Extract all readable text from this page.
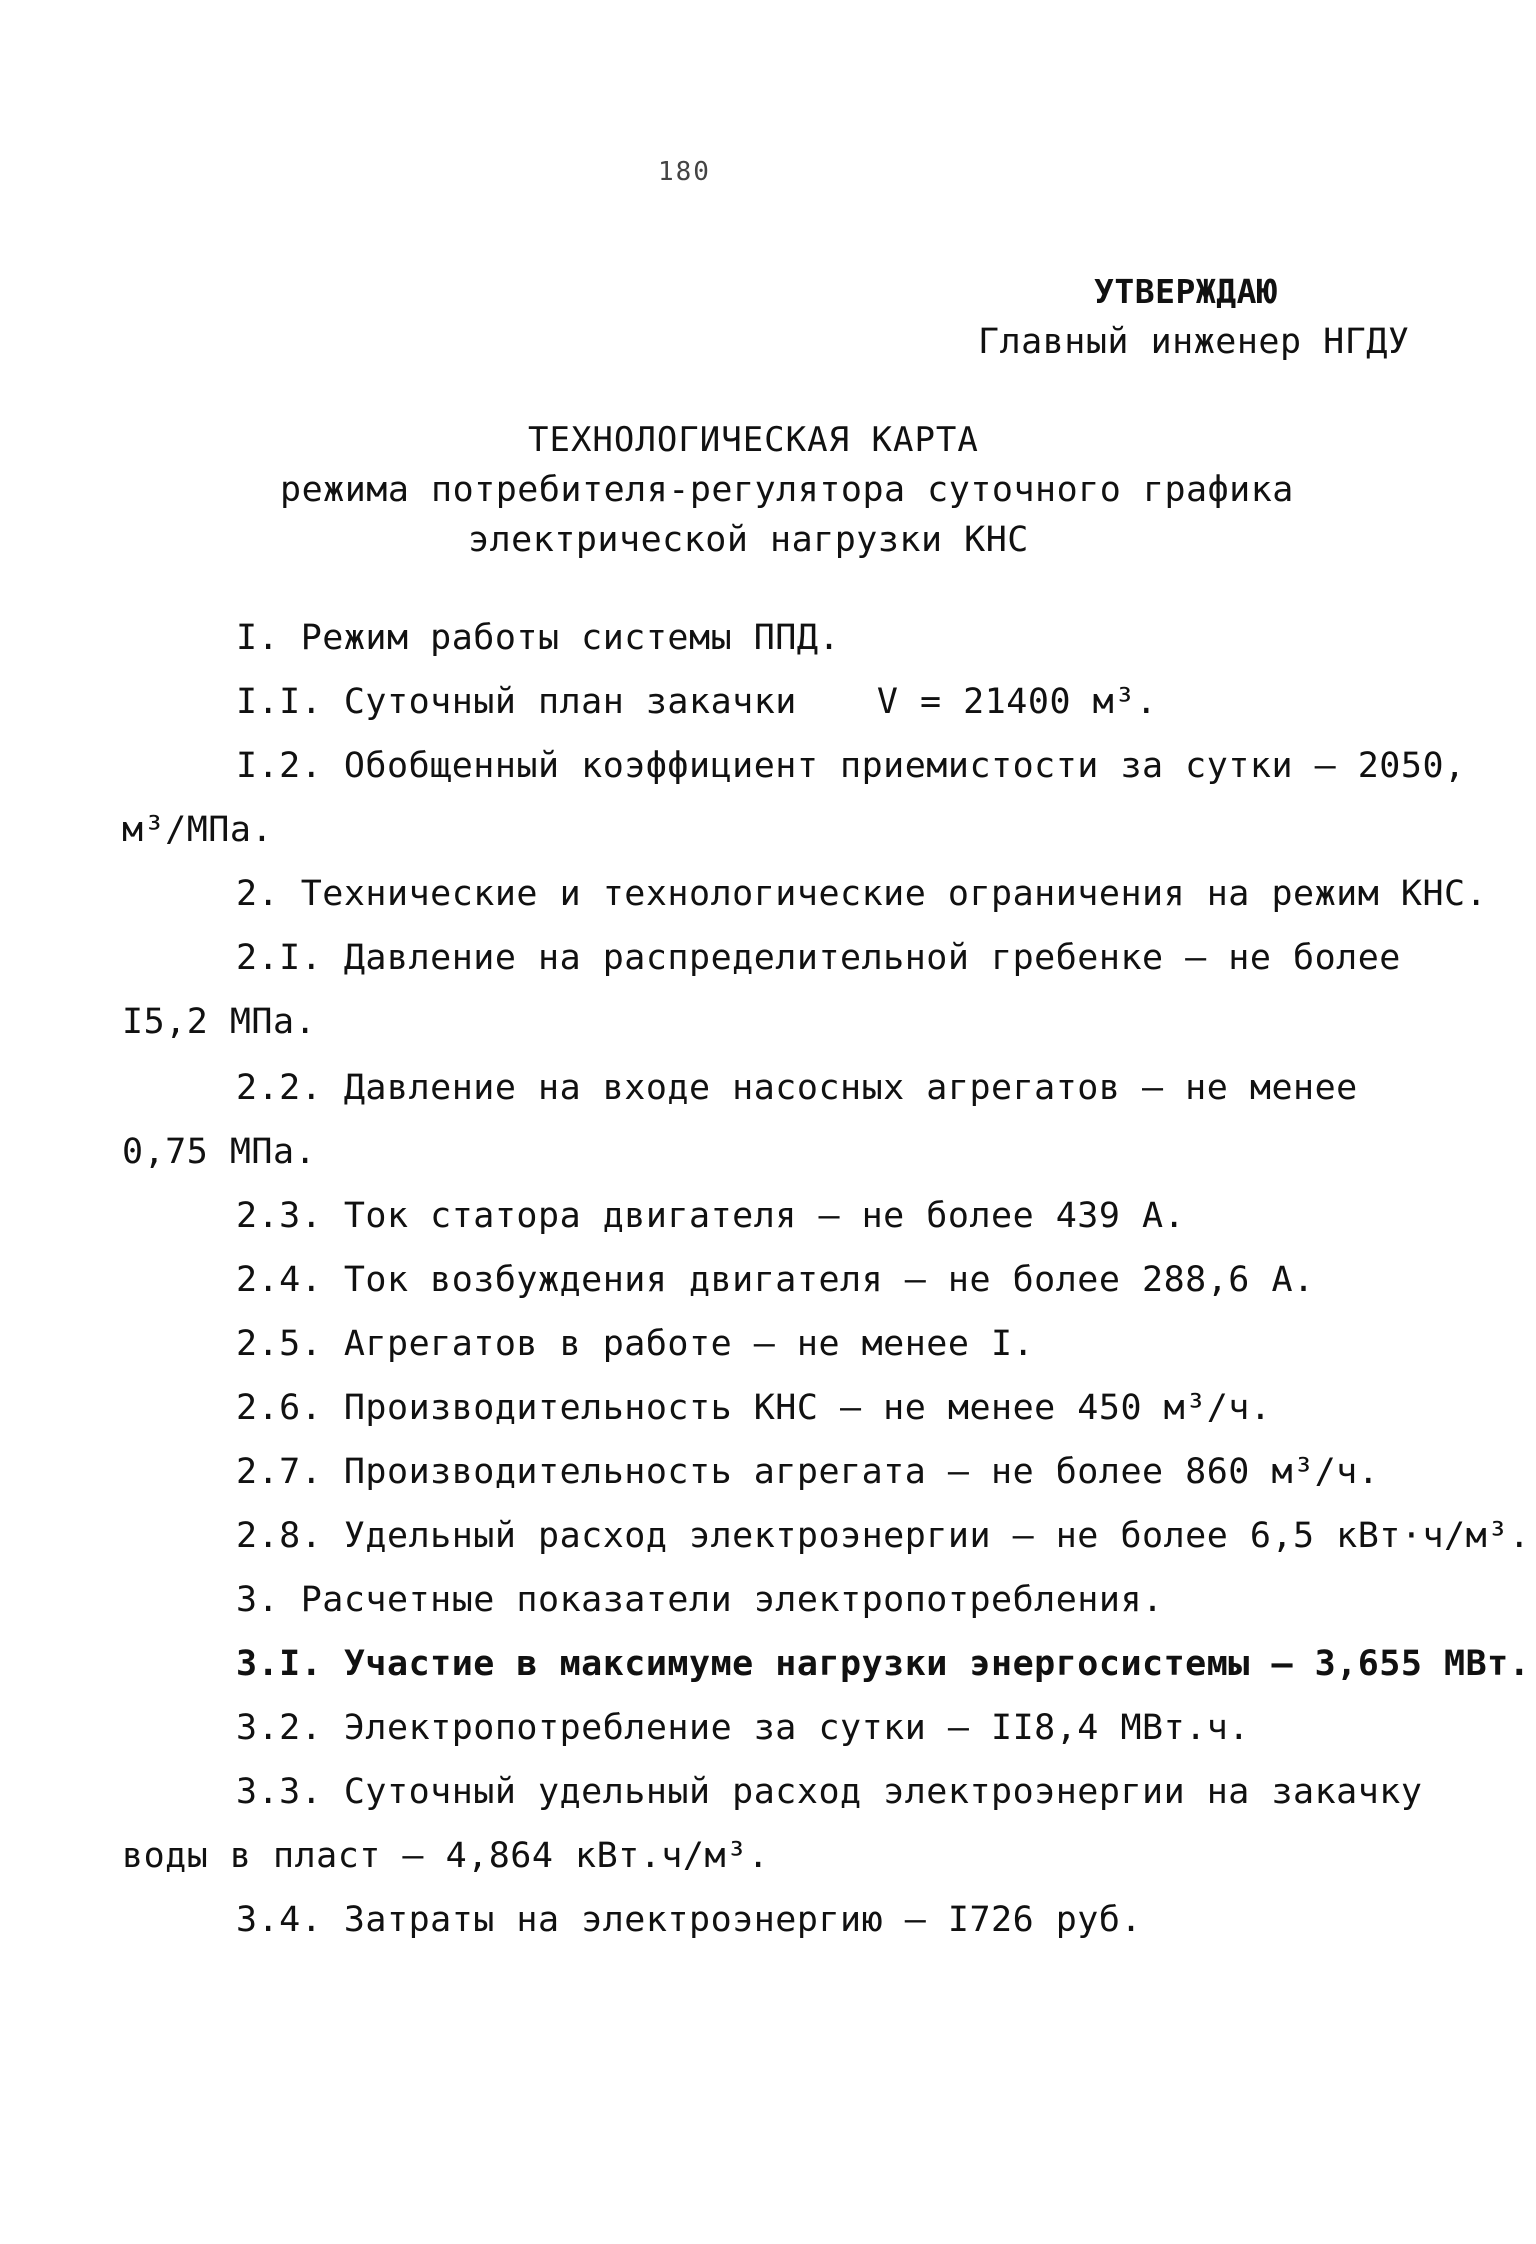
180
УТВЕРЖДАЮ
Главный инженер НГДУ
ТЕХНОЛОГИЧЕСКАЯ КАРТА
режима потребителя-регулятора суточного графика
электрической нагрузки КНС
I. Режим работы системы ППД.
I.I. Суточный план закачки V = 21400 м³.
I.2. Обобщенный коэффициент приемистости за сутки – 2050,
м³/МПа.
2. Технические и технологические ограничения на режим КНС.
2.I. Давление на распределительной гребенке – не более
I5,2 МПа.
2.2. Давление на входе насосных агрегатов – не менее
0,75 МПа.
2.3. Ток статора двигателя – не более 439 А.
2.4. Ток возбуждения двигателя – не более 288,6 А.
2.5. Агрегатов в работе – не менее I.
2.6. Производительность КНС – не менее 450 м³/ч.
2.7. Производительность агрегата – не более 860 м³/ч.
2.8. Удельный расход электроэнергии – не более 6,5 кВт·ч/м³.
3. Расчетные показатели электропотребления.
3.I. Участие в максимуме нагрузки энергосистемы – 3,655 МВт.
3.2. Электропотребление за сутки – II8,4 МВт.ч.
3.3. Суточный удельный расход электроэнергии на закачку
воды в пласт – 4,864 кВт.ч/м³.
3.4. Затраты на электроэнергию – I726 руб.
